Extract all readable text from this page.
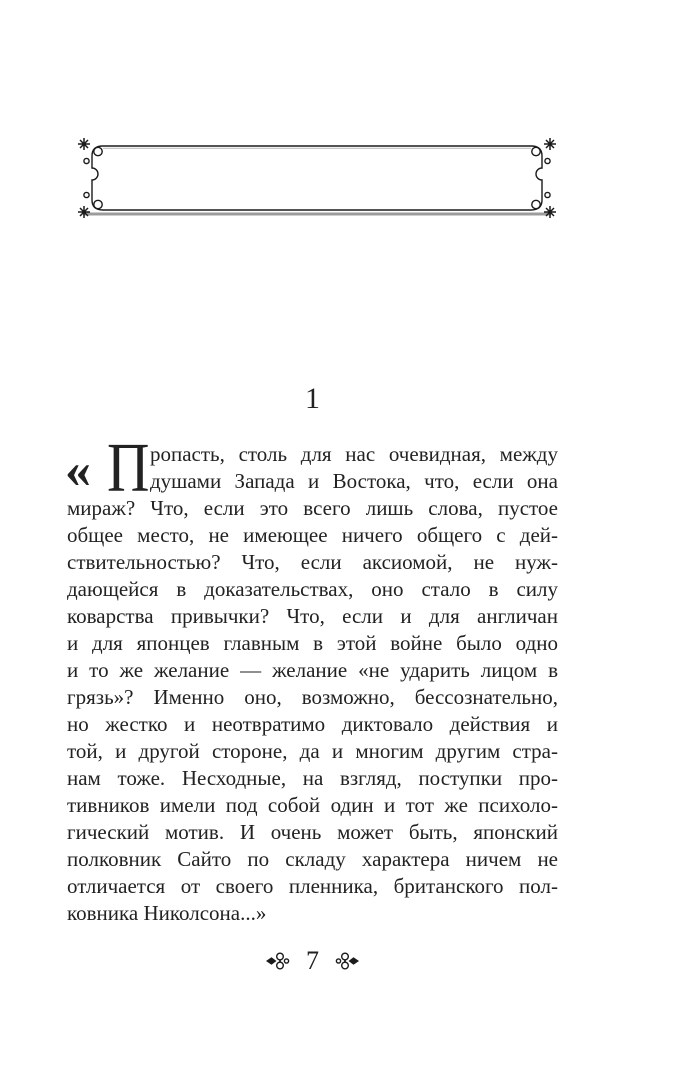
1
« П ропасть, столь для нас очевидная, между
душами Запада и Востока, что, если она
мираж? Что, если это всего лишь слова, пустое
общее место, не имеющее ничего общего с дей-
ствительностью? Что, если аксиомой, не нуж-
дающейся в доказательствах, оно стало в силу
коварства привычки? Что, если и для англичан
и для японцев главным в этой войне было одно
и то же желание — желание «не ударить лицом в
грязь»? Именно оно, возможно, бессознательно,
но жестко и неотвратимо диктовало действия и
той, и другой стороне, да и многим другим стра-
нам тоже. Несходные, на взгляд, поступки про-
тивников имели под собой один и тот же психоло-
гический мотив. И очень может быть, японский
полковник Сайто по складу характера ничем не
отличается от своего пленника, британского пол-
ковника Николсона...»
7
